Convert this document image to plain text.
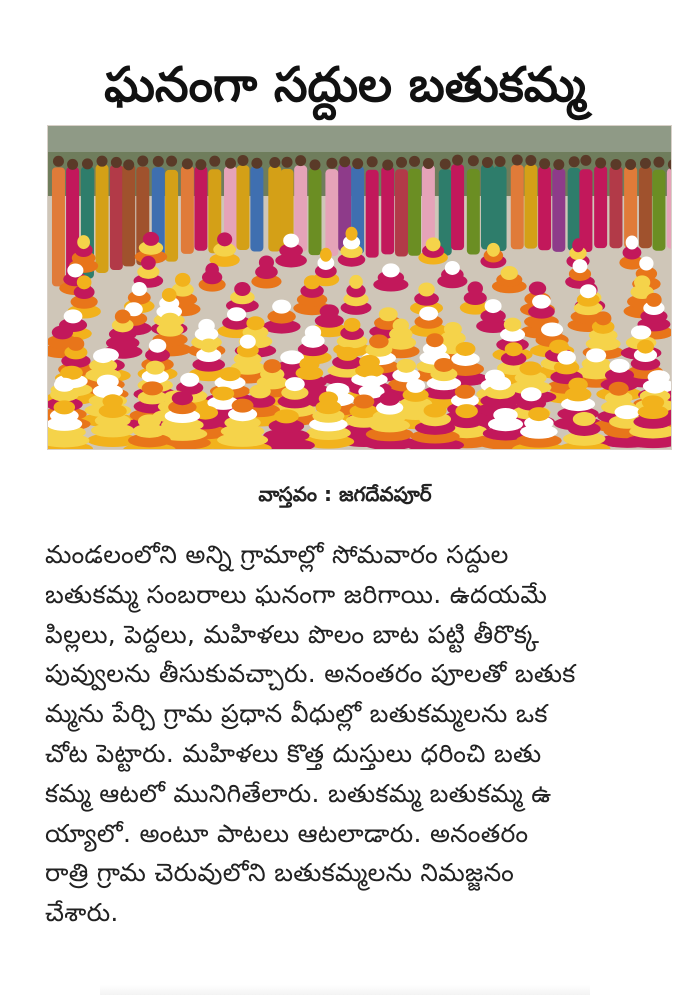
ఘనంగా సద్దుల బతుకమ్మ
వాస్తవం : జగదేవపూర్

మండలంలోని అన్ని గ్రామాల్లో సోమవారం సద్దుల
బతుకమ్మ సంబరాలు ఘనంగా జరిగాయి. ఉదయమే
పిల్లలు, పెద్దలు, మహిళలు పొలం బాట పట్టి తీరొక్క
పువ్వులను తీసుకువచ్చారు. అనంతరం పూలతో బతుక
మ్మను పేర్చి గ్రామ ప్రధాన వీధుల్లో బతుకమ్మలను ఒక
చోట పెట్టారు. మహిళలు కొత్త దుస్తులు ధరించి బతు
కమ్మ ఆటలో మునిగితేలారు. బతుకమ్మ బతుకమ్మ ఉ
య్యాలో. అంటూ పాటలు ఆటలాడారు. అనంతరం
రాత్రి గ్రామ చెరువులోని బతుకమ్మలను నిమజ్జనం
చేశారు.
